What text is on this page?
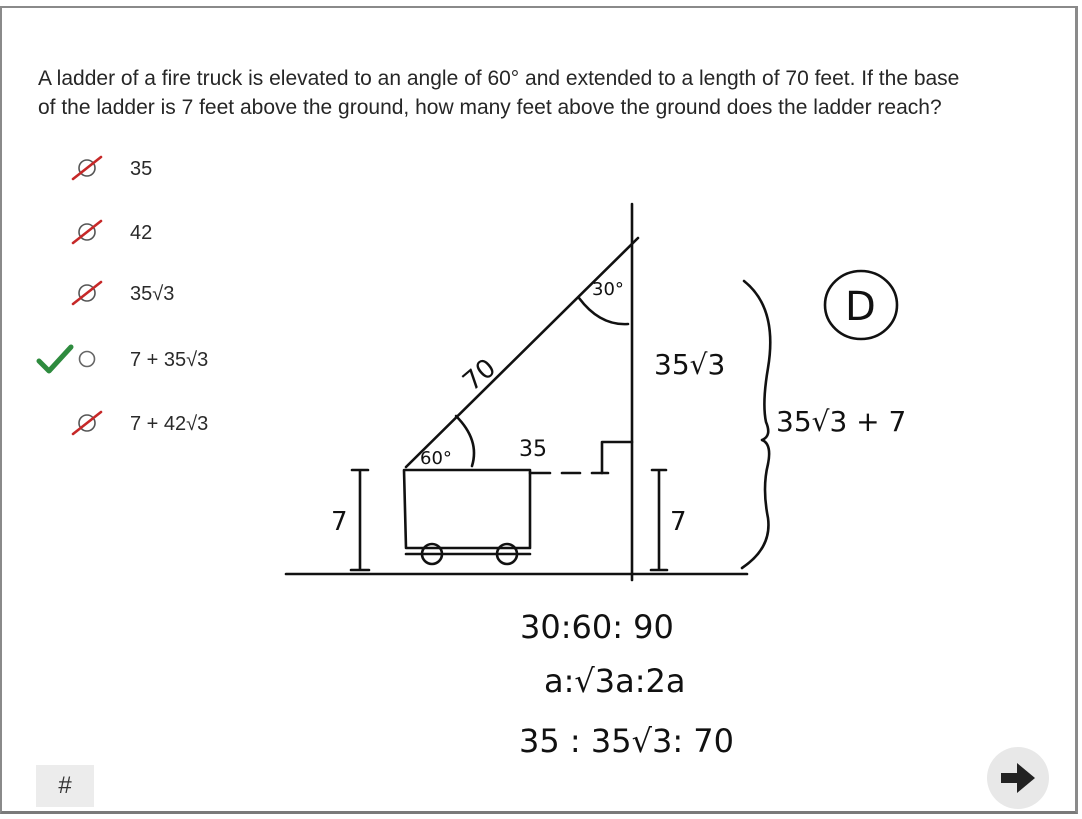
A ladder of a fire truck is elevated to an angle of 60° and extended to a length of 70 feet. If the base
of the ladder is 7 feet above the ground, how many feet above the ground does the ladder reach?
35
42
35√3
7 + 35√3
7 + 42√3
70
60°
30°
35
35√3
7	7
35√3 + 7
D
30:60: 90
a:√3a:2a
35 : 35√3: 70
#
